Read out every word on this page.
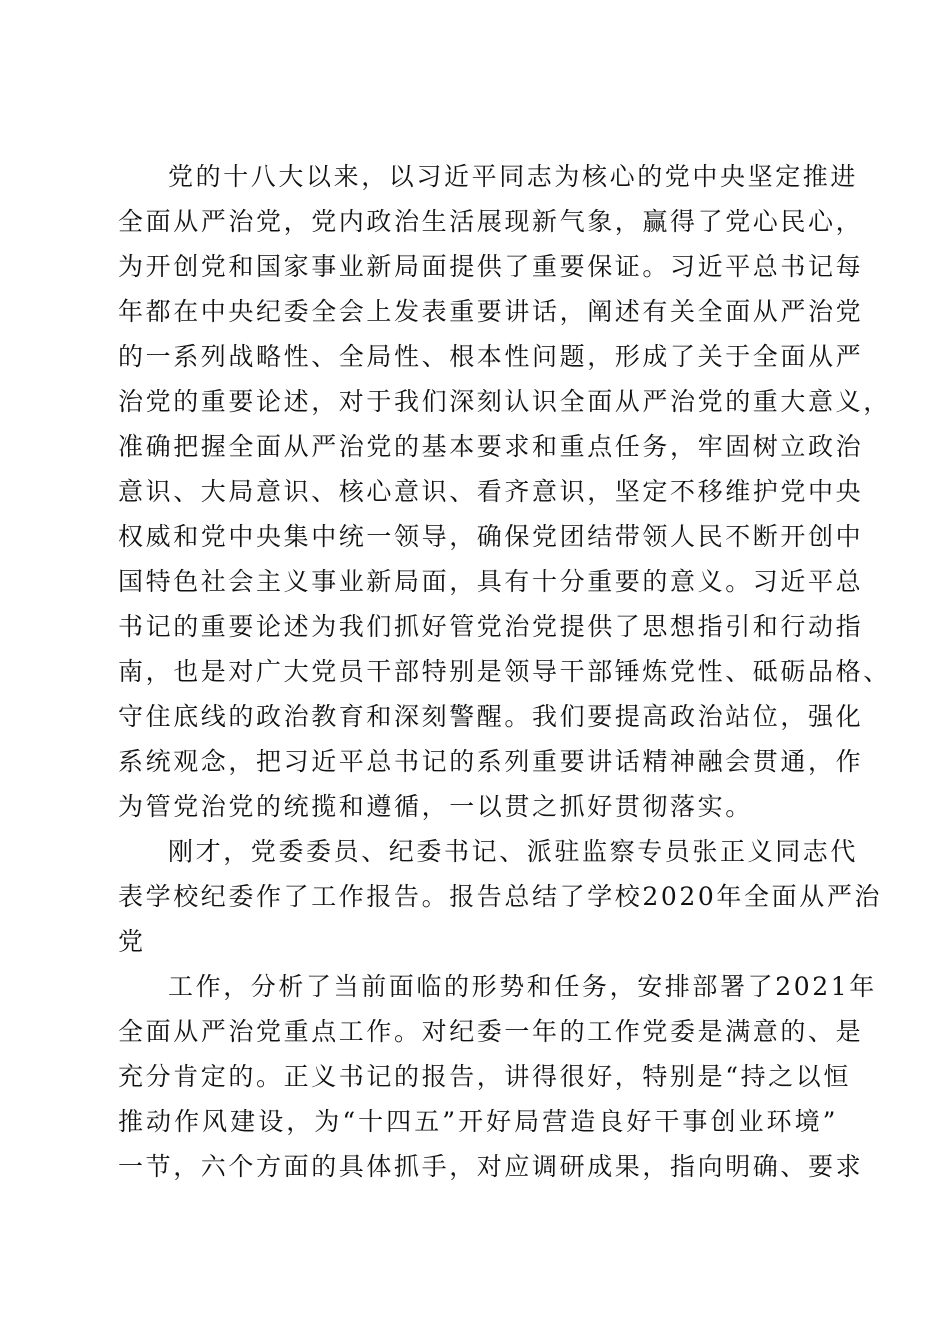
党的十八大以来，以习近平同志为核心的党中央坚定推进
全面从严治党，党内政治生活展现新气象，赢得了党心民心，
为开创党和国家事业新局面提供了重要保证。习近平总书记每
年都在中央纪委全会上发表重要讲话，阐述有关全面从严治党
的一系列战略性、全局性、根本性问题，形成了关于全面从严
治党的重要论述，对于我们深刻认识全面从严治党的重大意义，
准确把握全面从严治党的基本要求和重点任务，牢固树立政治
意识、大局意识、核心意识、看齐意识，坚定不移维护党中央
权威和党中央集中统一领导，确保党团结带领人民不断开创中
国特色社会主义事业新局面，具有十分重要的意义。习近平总
书记的重要论述为我们抓好管党治党提供了思想指引和行动指
南，也是对广大党员干部特别是领导干部锤炼党性、砥砺品格、
守住底线的政治教育和深刻警醒。我们要提高政治站位，强化
系统观念，把习近平总书记的系列重要讲话精神融会贯通，作
为管党治党的统揽和遵循，一以贯之抓好贯彻落实。
刚才，党委委员、纪委书记、派驻监察专员张正义同志代
表学校纪委作了工作报告。报告总结了学校2020年全面从严治
党
工作，分析了当前面临的形势和任务，安排部署了2021年
全面从严治党重点工作。对纪委一年的工作党委是满意的、是
充分肯定的。正义书记的报告，讲得很好，特别是“持之以恒
推动作风建设，为“十四五”开好局营造良好干事创业环境”
一节，六个方面的具体抓手，对应调研成果，指向明确、要求
